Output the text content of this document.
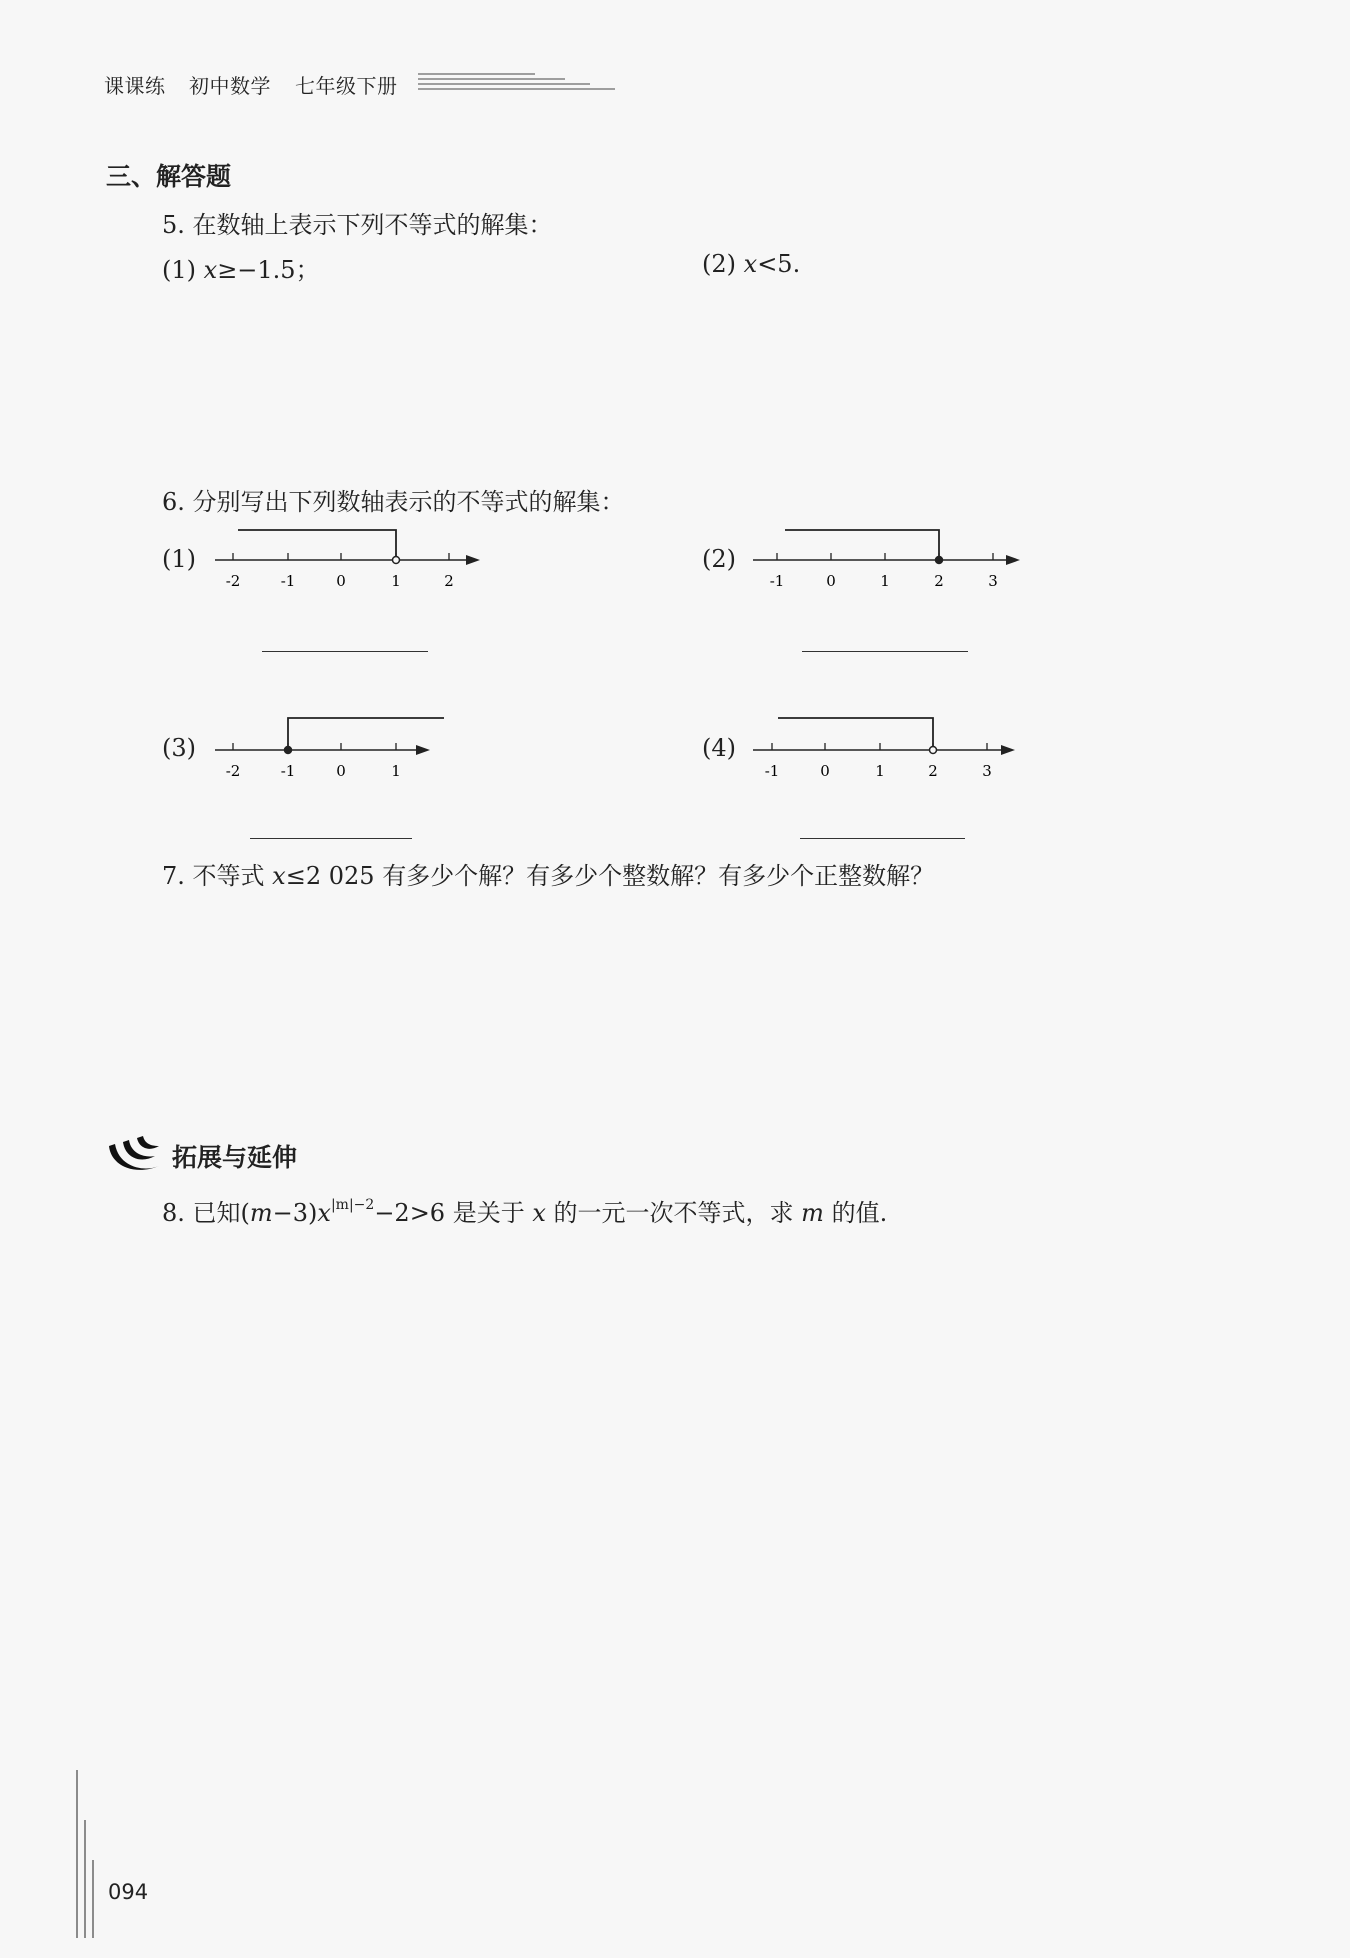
课课练 初中数学 七年级下册
三、解答题
5. 在数轴上表示下列不等式的解集：
(1) x≥−1.5；	(2) x<5.
6. 分别写出下列数轴表示的不等式的解集：
(1)
-2	-1	0	1	2
(2)
-1	0	1	2	3
(3)
-2	-1	0	1
(4)
-1	0	1	2	3
7. 不等式 x≤2 025 有多少个解？有多少个整数解？有多少个正整数解？
拓展与延伸
8. 已知$(m-3)x^{|m|-2}-2>6$ 是关于 x 的一元一次不等式，求 m 的值.
094
